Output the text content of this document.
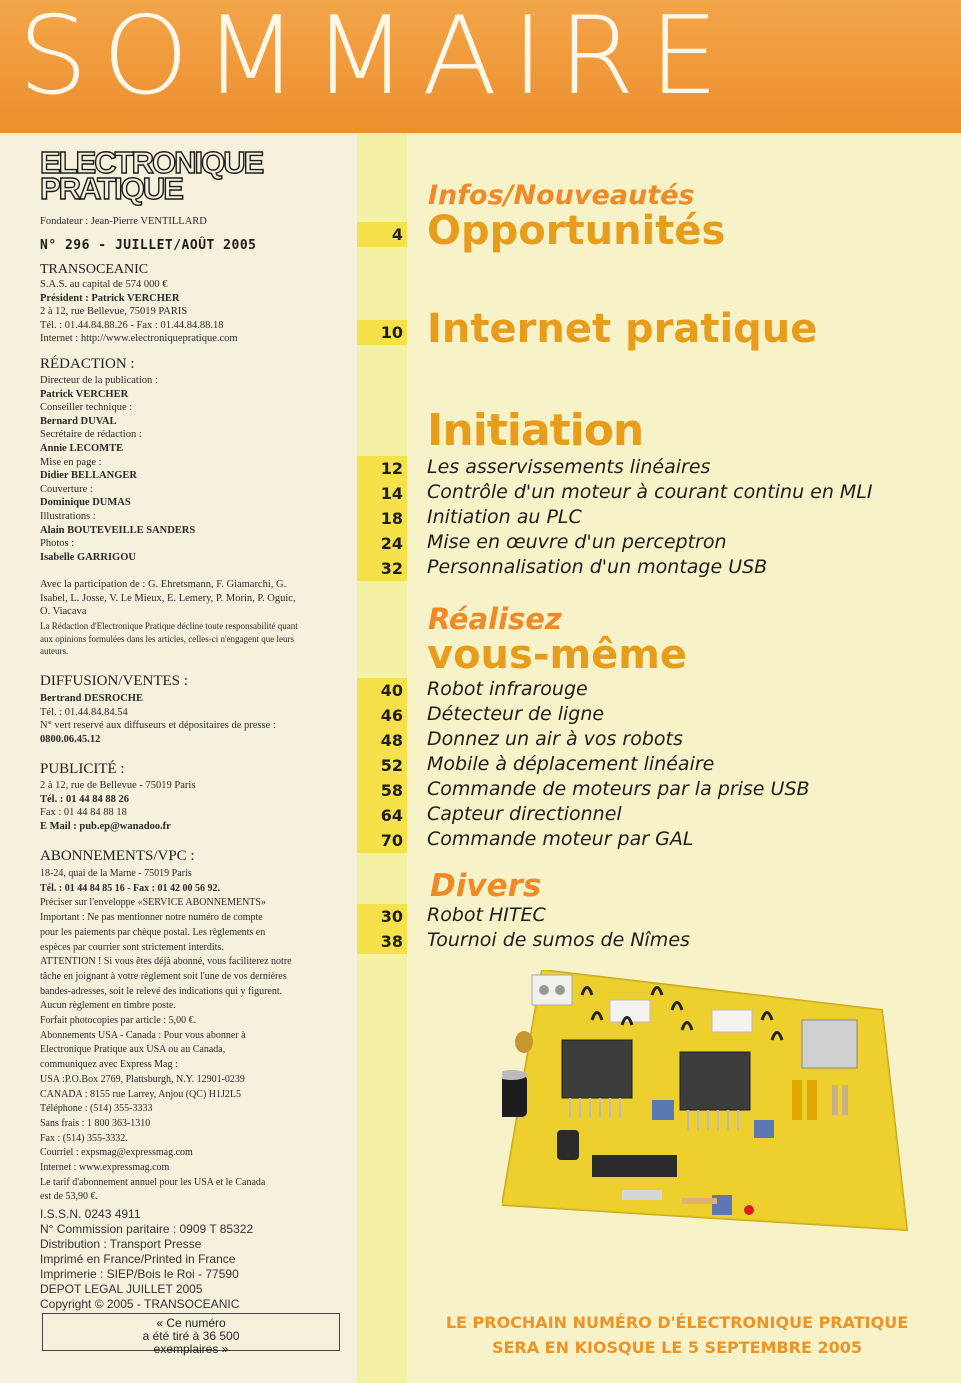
SOMMAIRE
ELECTRONIQUE
PRATIQUE
Fondateur : Jean-Pierre VENTILLARD
N° 296 - JUILLET/AOÛT 2005
TRANSOCEANIC
S.A.S. au capital de 574 000 €
Président : Patrick VERCHER
2 à 12, rue Bellevue, 75019 PARIS
Tél. : 01.44.84.88.26 - Fax : 01.44.84.88.18
Internet : http://www.electroniquepratique.com
RÉDACTION :
Directeur de la publication :
Patrick VERCHER
Conseiller technique :
Bernard DUVAL
Secrétaire de rédaction :
Annie LECOMTE
Mise en page :
Didier BELLANGER
Couverture :
Dominique DUMAS
Illustrations :
Alain BOUTEVEILLE SANDERS
Photos :
Isabelle GARRIGOU
Avec la participation de : G. Ehretsmann, F. Giamarchi, G. Isabel, L. Josse, V. Le Mieux, E. Lemery, P. Morin, P. Oguic, O. Viacava
La Rédaction d'Electronique Pratique décline toute responsabilité quant aux opinions formulées dans les articles, celles-ci n'engagent que leurs auteurs.
DIFFUSION/VENTES :
Bertrand DESROCHE
Tél. : 01.44.84.84.54
N° vert reservé aux diffuseurs et dépositaires de presse :
0800.06.45.12
PUBLICITÉ :
2 à 12, rue de Bellevue - 75019 Paris
Tél. : 01 44 84 88 26
Fax : 01 44 84 88 18
E Mail : pub.ep@wanadoo.fr
ABONNEMENTS/VPC :
18-24, quai de la Marne - 75019 Paris
Tél. : 01 44 84 85 16 - Fax : 01 42 00 56 92.
Préciser sur l'enveloppe «SERVICE ABONNEMENTS»
Important : Ne pas mentionner notre numéro de compte
pour les paiements par chèque postal. Les règlements en
espèces par courrier sont strictement interdits.
ATTENTION ! Si vous êtes déjà abonné, vous faciliterez notre
tâche en joignant à votre règlement soit l'une de vos dernières
bandes-adresses, soit le relevé des indications qui y figurent.
Aucun règlement en timbre poste.
Forfait photocopies par article : 5,00 €.
Abonnements USA - Canada : Pour vous abonner à
Electronique Pratique aux USA ou au Canada,
communiquez avec Express Mag :
USA :P.O.Box 2769, Plattsburgh, N.Y. 12901-0239
CANADA : 8155 rue Larrey, Anjou (QC) H1J2L5
Téléphone : (514) 355-3333
Sans frais : 1 800 363-1310
Fax : (514) 355-3332.
Courriel : expsmag@expressmag.com
Internet : www.expressmag.com
Le tarif d'abonnement annuel pour les USA et le Canada
est de 53,90 €.
I.S.S.N. 0243 4911
N° Commission paritaire : 0909 T 85322
Distribution : Transport Presse
Imprimé en France/Printed in France
Imprimerie : SIEP/Bois le Roi - 77590
DEPOT LEGAL JUILLET 2005
Copyright © 2005 - TRANSOCEANIC
« Ce numéro
a été tiré à 36 500
exemplaires »
Infos/Nouveautés
4 Opportunités
10 Internet pratique
Initiation
12 Les asservissements linéaires
14 Contrôle d'un moteur à courant continu en MLI
18 Initiation au PLC
24 Mise en œuvre d'un perceptron
32 Personnalisation d'un montage USB
Réalisez
vous-même
40 Robot infrarouge
46 Détecteur de ligne
48 Donnez un air à vos robots
52 Mobile à déplacement linéaire
58 Commande de moteurs par la prise USB
64 Capteur directionnel
70 Commande moteur par GAL
Divers
30 Robot HITEC
38 Tournoi de sumos de Nîmes
LE PROCHAIN NUMÉRO D'ÉLECTRONIQUE PRATIQUE
SERA EN KIOSQUE LE 5 SEPTEMBRE 2005
